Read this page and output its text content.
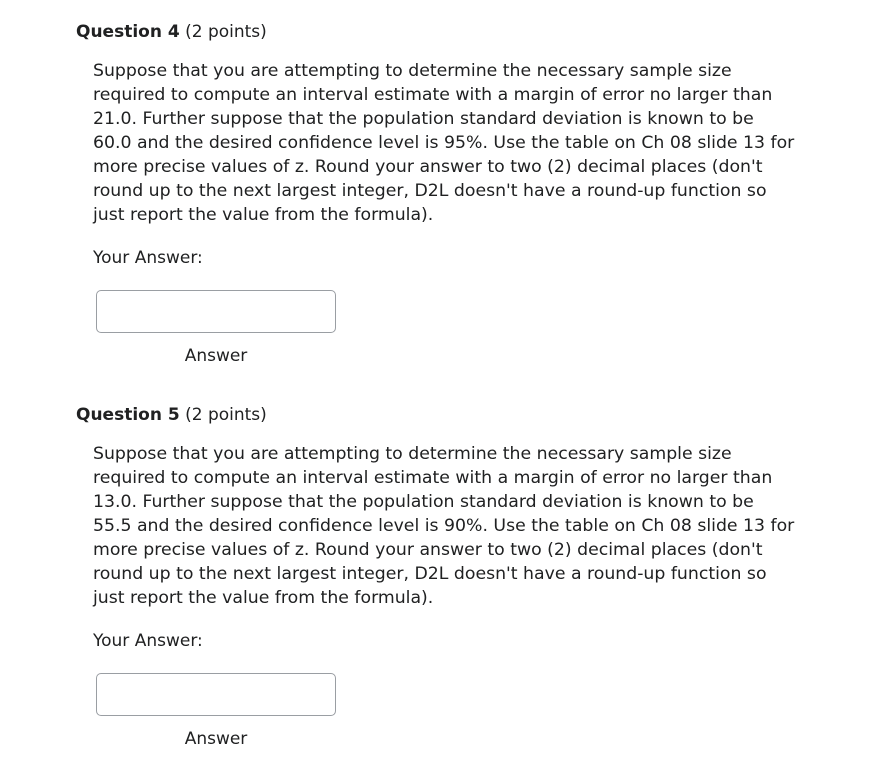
Question 4 (2 points)
Suppose that you are attempting to determine the necessary sample size
required to compute an interval estimate with a margin of error no larger than
21.0. Further suppose that the population standard deviation is known to be
60.0 and the desired confidence level is 95%. Use the table on Ch 08 slide 13 for
more precise values of z. Round your answer to two (2) decimal places (don't
round up to the next largest integer, D2L doesn't have a round-up function so
just report the value from the formula).
Your Answer:
Answer
Question 5 (2 points)
Suppose that you are attempting to determine the necessary sample size
required to compute an interval estimate with a margin of error no larger than
13.0. Further suppose that the population standard deviation is known to be
55.5 and the desired confidence level is 90%. Use the table on Ch 08 slide 13 for
more precise values of z. Round your answer to two (2) decimal places (don't
round up to the next largest integer, D2L doesn't have a round-up function so
just report the value from the formula).
Your Answer:
Answer
